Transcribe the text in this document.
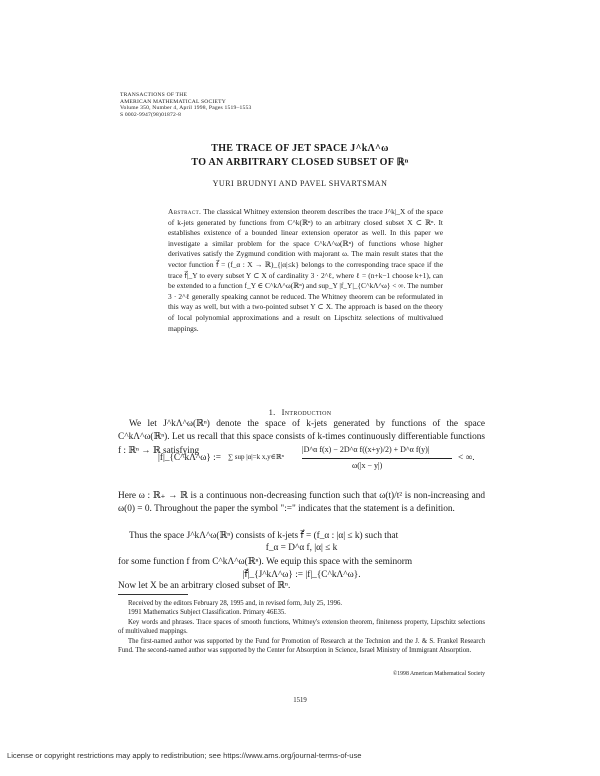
TRANSACTIONS OF THE
AMERICAN MATHEMATICAL SOCIETY
Volume 350, Number 4, April 1998, Pages 1519–1553
S 0002-9947(98)01872-8
THE TRACE OF JET SPACE J^kΛ^ω
TO AN ARBITRARY CLOSED SUBSET OF ℝⁿ
YURI BRUDNYI AND PAVEL SHVARTSMAN
Abstract. The classical Whitney extension theorem describes the trace J^k|_X of the space of k-jets generated by functions from C^k(ℝⁿ) to an arbitrary closed subset X ⊂ ℝⁿ. It establishes existence of a bounded linear extension operator as well. In this paper we investigate a similar problem for the space C^kΛ^ω(ℝⁿ) of functions whose higher derivatives satisfy the Zygmund condition with majorant ω. The main result states that the vector function f⃗ = (f_α : X → ℝ)_{|α|≤k} belongs to the corresponding trace space if the trace f⃗|_Y to every subset Y ⊂ X of cardinality 3 · 2^ℓ, where ℓ = (n+k−1 choose k+1), can be extended to a function f_Y ∈ C^kΛ^ω(ℝⁿ) and sup_Y |f_Y|_{C^kΛ^ω} < ∞. The number 3 · 2^ℓ generally speaking cannot be reduced. The Whitney theorem can be reformulated in this way as well, but with a two-pointed subset Y ⊂ X. The approach is based on the theory of local polynomial approximations and a result on Lipschitz selections of multivalued mappings.
1. Introduction
We let J^kΛ^ω(ℝⁿ) denote the space of k-jets generated by functions of the space C^kΛ^ω(ℝⁿ). Let us recall that this space consists of k-times continuously differentiable functions f : ℝⁿ → ℝ satisfying
|f|_{C^kΛ^ω} := ∑ sup |α|=k x,y∈ℝⁿ
|D^α f(x) − 2D^α f((x+y)/2) + D^α f(y)|
ω(|x − y|)
< ∞.
Here ω : ℝ₊ → ℝ is a continuous non-decreasing function such that ω(t)/t² is non-increasing and ω(0) = 0. Throughout the paper the symbol ":=" indicates that the statement is a definition.
Thus the space J^kΛ^ω(ℝⁿ) consists of k-jets f⃗ = (f_α : |α| ≤ k) such that
f_α = D^α f, |α| ≤ k
for some function f from C^kΛ^ω(ℝⁿ). We equip this space with the seminorm
|f⃗|_{J^kΛ^ω} := |f|_{C^kΛ^ω}.
Now let X be an arbitrary closed subset of ℝⁿ.

Received by the editors February 28, 1995 and, in revised form, July 25, 1996.

1991 Mathematics Subject Classification. Primary 46E35.

Key words and phrases. Trace spaces of smooth functions, Whitney's extension theorem, finiteness property, Lipschitz selections of multivalued mappings.

The first-named author was supported by the Fund for Promotion of Research at the Technion and the J. & S. Frankel Research Fund. The second-named author was supported by the Center for Absorption in Science, Israel Ministry of Immigrant Absorption.

©1998 American Mathematical Society
1519
License or copyright restrictions may apply to redistribution; see https://www.ams.org/journal-terms-of-use
